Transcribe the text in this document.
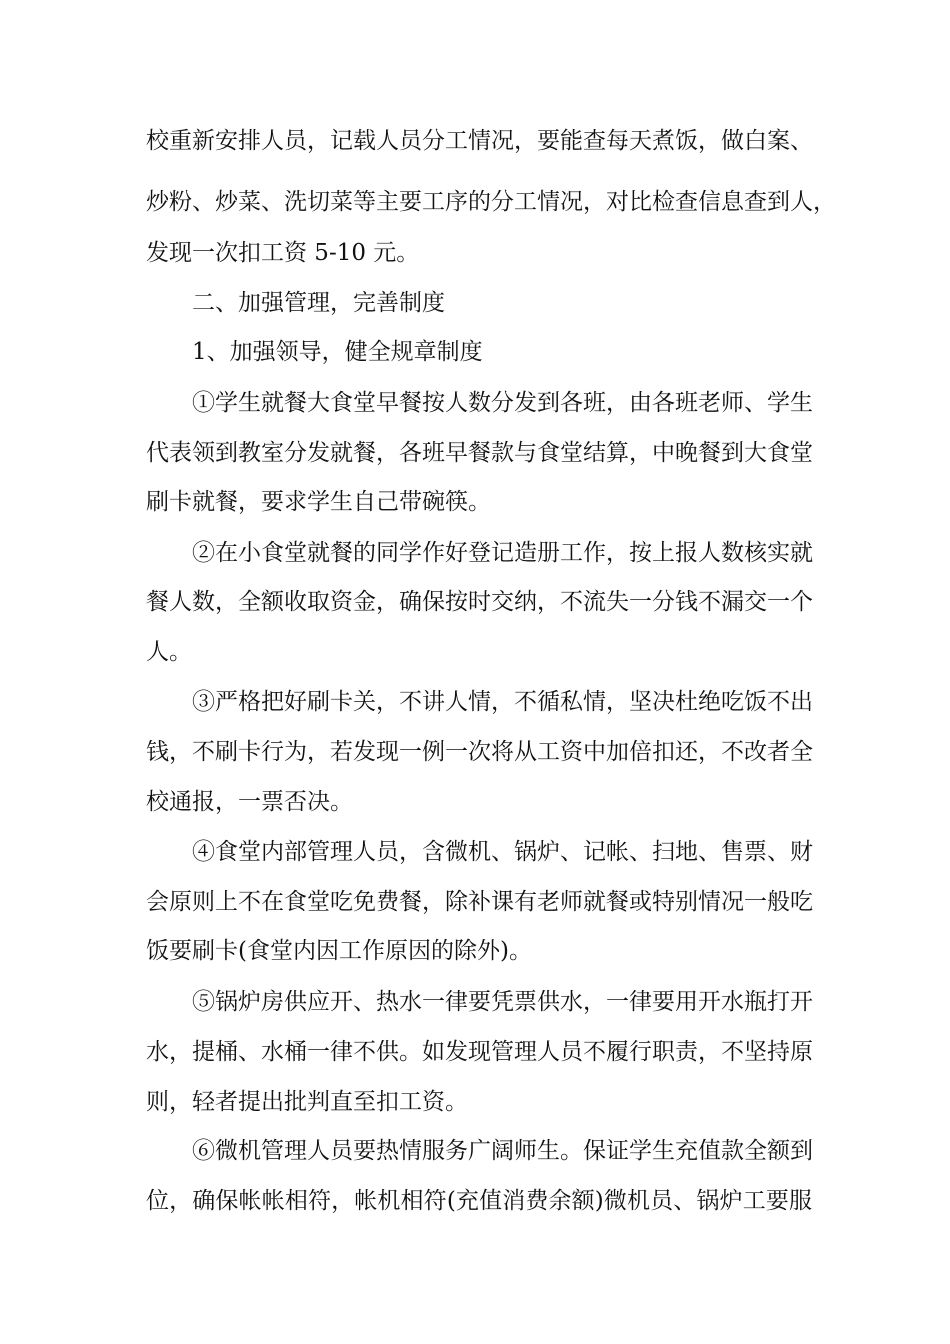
校重新安排人员，记载人员分工情况，要能查每天煮饭，做白案、
炒粉、炒菜、洗切菜等主要工序的分工情况，对比检查信息查到人，
发现一次扣工资 5-10 元。
二、加强管理，完善制度
1、加强领导，健全规章制度
①学生就餐大食堂早餐按人数分发到各班，由各班老师、学生
代表领到教室分发就餐，各班早餐款与食堂结算，中晚餐到大食堂
刷卡就餐，要求学生自己带碗筷。
②在小食堂就餐的同学作好登记造册工作，按上报人数核实就
餐人数，全额收取资金，确保按时交纳，不流失一分钱不漏交一个
人。
③严格把好刷卡关，不讲人情，不循私情，坚决杜绝吃饭不出
钱，不刷卡行为，若发现一例一次将从工资中加倍扣还，不改者全
校通报，一票否决。
④食堂内部管理人员，含微机、锅炉、记帐、扫地、售票、财
会原则上不在食堂吃免费餐，除补课有老师就餐或特别情况一般吃
饭要刷卡(食堂内因工作原因的除外)。
⑤锅炉房供应开、热水一律要凭票供水，一律要用开水瓶打开
水，提桶、水桶一律不供。如发现管理人员不履行职责，不坚持原
则，轻者提出批判直至扣工资。
⑥微机管理人员要热情服务广阔师生。保证学生充值款全额到
位，确保帐帐相符，帐机相符(充值消费余额)微机员、锅炉工要服
